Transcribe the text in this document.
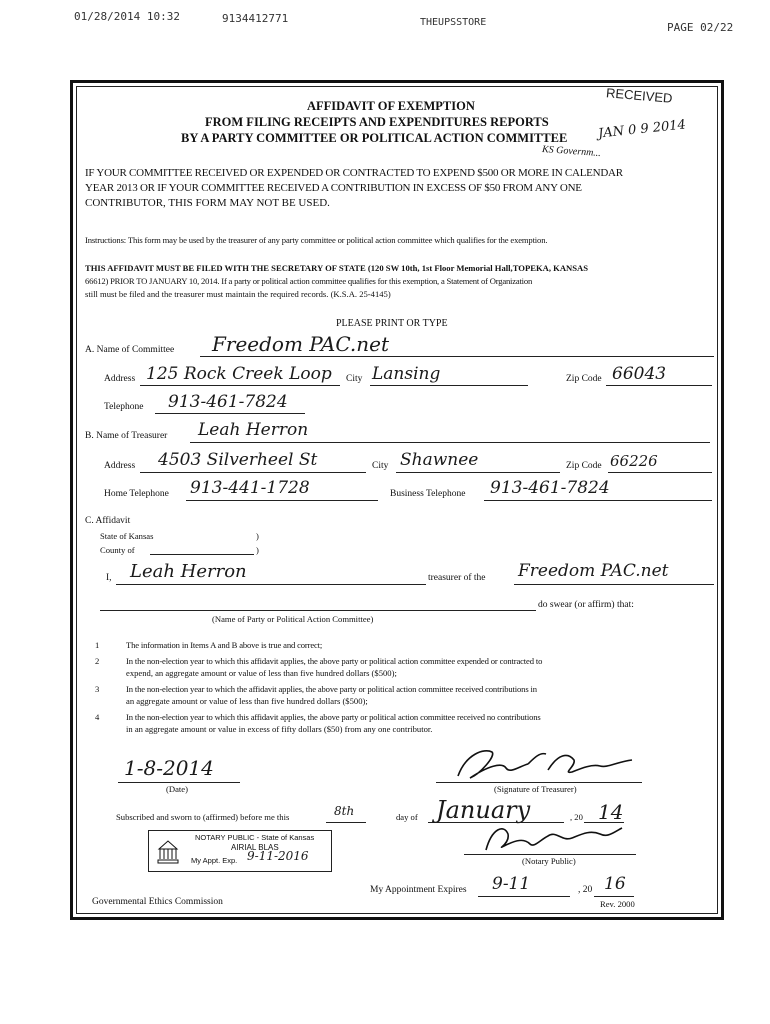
01/28/2014 10:32	9134412771	THEUPSSTORE	PAGE 02/22
RECEIVED
JAN 0 9 2014
KS Governm...
AFFIDAVIT OF EXEMPTION
FROM FILING RECEIPTS AND EXPENDITURES REPORTS
BY A PARTY COMMITTEE OR POLITICAL ACTION COMMITTEE
IF YOUR COMMITTEE RECEIVED OR EXPENDED OR CONTRACTED TO EXPEND $500 OR MORE IN CALENDAR
YEAR 2013 OR IF YOUR COMMITTEE RECEIVED A CONTRIBUTION IN EXCESS OF $50 FROM ANY ONE
CONTRIBUTOR, THIS FORM MAY NOT BE USED.
Instructions: This form may be used by the treasurer of any party committee or political action committee which qualifies for the exemption.
THIS AFFIDAVIT MUST BE FILED WITH THE SECRETARY OF STATE (120 SW 10th, 1st Floor Memorial Hall,TOPEKA, KANSAS
66612) PRIOR TO JANUARY 10, 2014. If a party or political action committee qualifies for this exemption, a Statement of Organization
still must be filed and the treasurer must maintain the required records. (K.S.A. 25-4145)
PLEASE PRINT OR TYPE
A. Name of Committee Freedom PAC.net
Address 125 Rock Creek Loop City Lansing	Zip Code 66043
Telephone 913-461-7824
B. Name of Treasurer Leah Herron
Address 4503 Silverheel St	City Shawnee	Zip Code 66226
Home Telephone 913-441-1728	Business Telephone 913-461-7824
C. Affidavit
State of Kansas	)
County of	)
I, Leah Herron	treasurer of the Freedom PAC.net
do swear (or affirm) that:
(Name of Party or Political Action Committee)
1	The information in Items A and B above is true and correct;
2	In the non-election year to which this affidavit applies, the above party or political action committee expended or contracted to
expend, an aggregate amount or value of less than five hundred dollars ($500);
3	In the non-election year to which the affidavit applies, the above party or political action committee received contributions in
an aggregate amount or value of less than five hundred dollars ($500);
4	In the non-election year to which this affidavit applies, the above party or political action committee received no contributions
in an aggregate amount or value in excess of fifty dollars ($50) from any one contributor.
1-8-2014
(Date)	(Signature of Treasurer)
Subscribed and sworn to (affirmed) before me this	8th	day of January	, 20 14
(Notary Public)
NOTARY PUBLIC - State of Kansas
AIRIAL BLAS
My Appt. Exp. 9-11-2016
My Appointment Expires 9-11	, 20 16
Governmental Ethics Commission	Rev. 2000
